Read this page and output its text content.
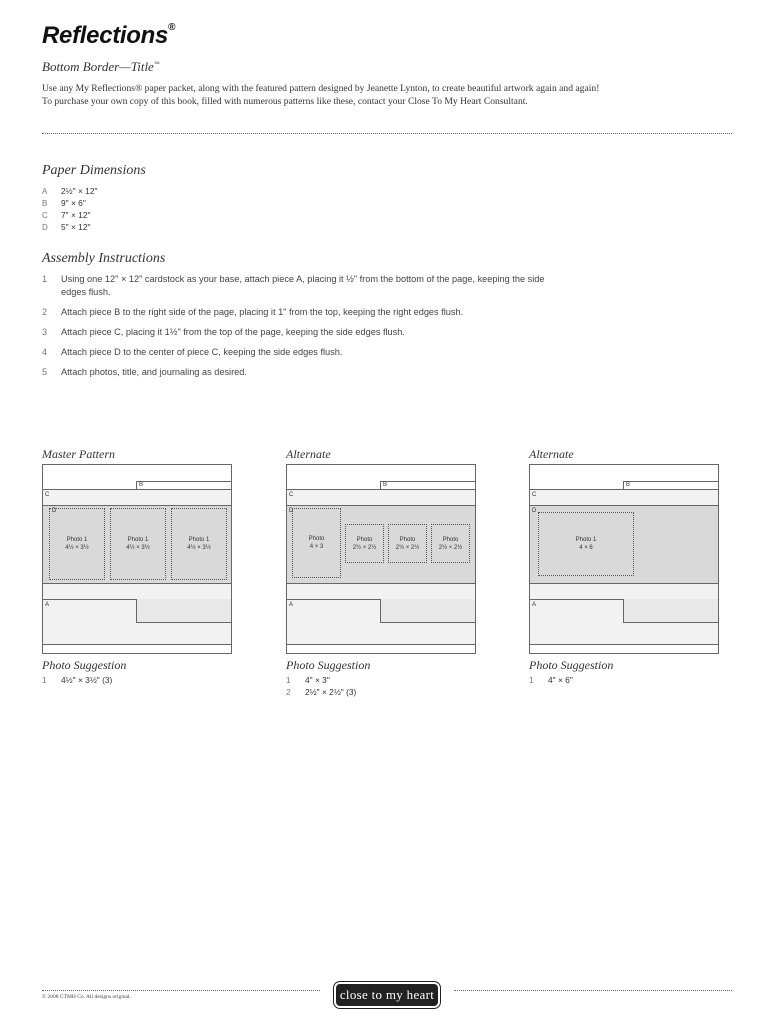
Reflections®
Bottom Border—Title™

Use any My Reflections® paper packet, along with the featured pattern designed by Jeanette Lynton, to create beautiful artwork again and again!

To purchase your own copy of this book, filled with numerous patterns like these, contact your Close To My Heart Consultant.

Paper Dimensions
A	2½" × 12"
B	9" × 6"
C	7" × 12"
D	5" × 12"
Assembly Instructions
1	Using one 12" × 12" cardstock as your base, attach piece A, placing it ½" from the bottom of the page, keeping the side edges flush.
2	Attach piece B to the right side of the page, placing it 1" from the top, keeping the right edges flush.
3	Attach piece C, placing it 1½" from the top of the page, keeping the side edges flush.
4	Attach piece D to the center of piece C, keeping the side edges flush.
5	Attach photos, title, and journaling as desired.
Master Pattern
B
C
D
A
Photo 1
4½ × 3½
Photo 1
4½ × 3½
Photo 1
4½ × 3½
Photo Suggestion
1	4½" × 3½" (3)
Alternate
B
C
D
A
Photo
4 × 3
Photo
2½ × 2½
Photo
2½ × 2½
Photo
2½ × 2½
Photo Suggestion
1	4" × 3"
2	2½" × 2½" (3)
Alternate
B
C
D
A
Photo 1
4 × 6
Photo Suggestion
1	4" × 6"
© 2008 CTMH Co. All designs original.	close to my heart
